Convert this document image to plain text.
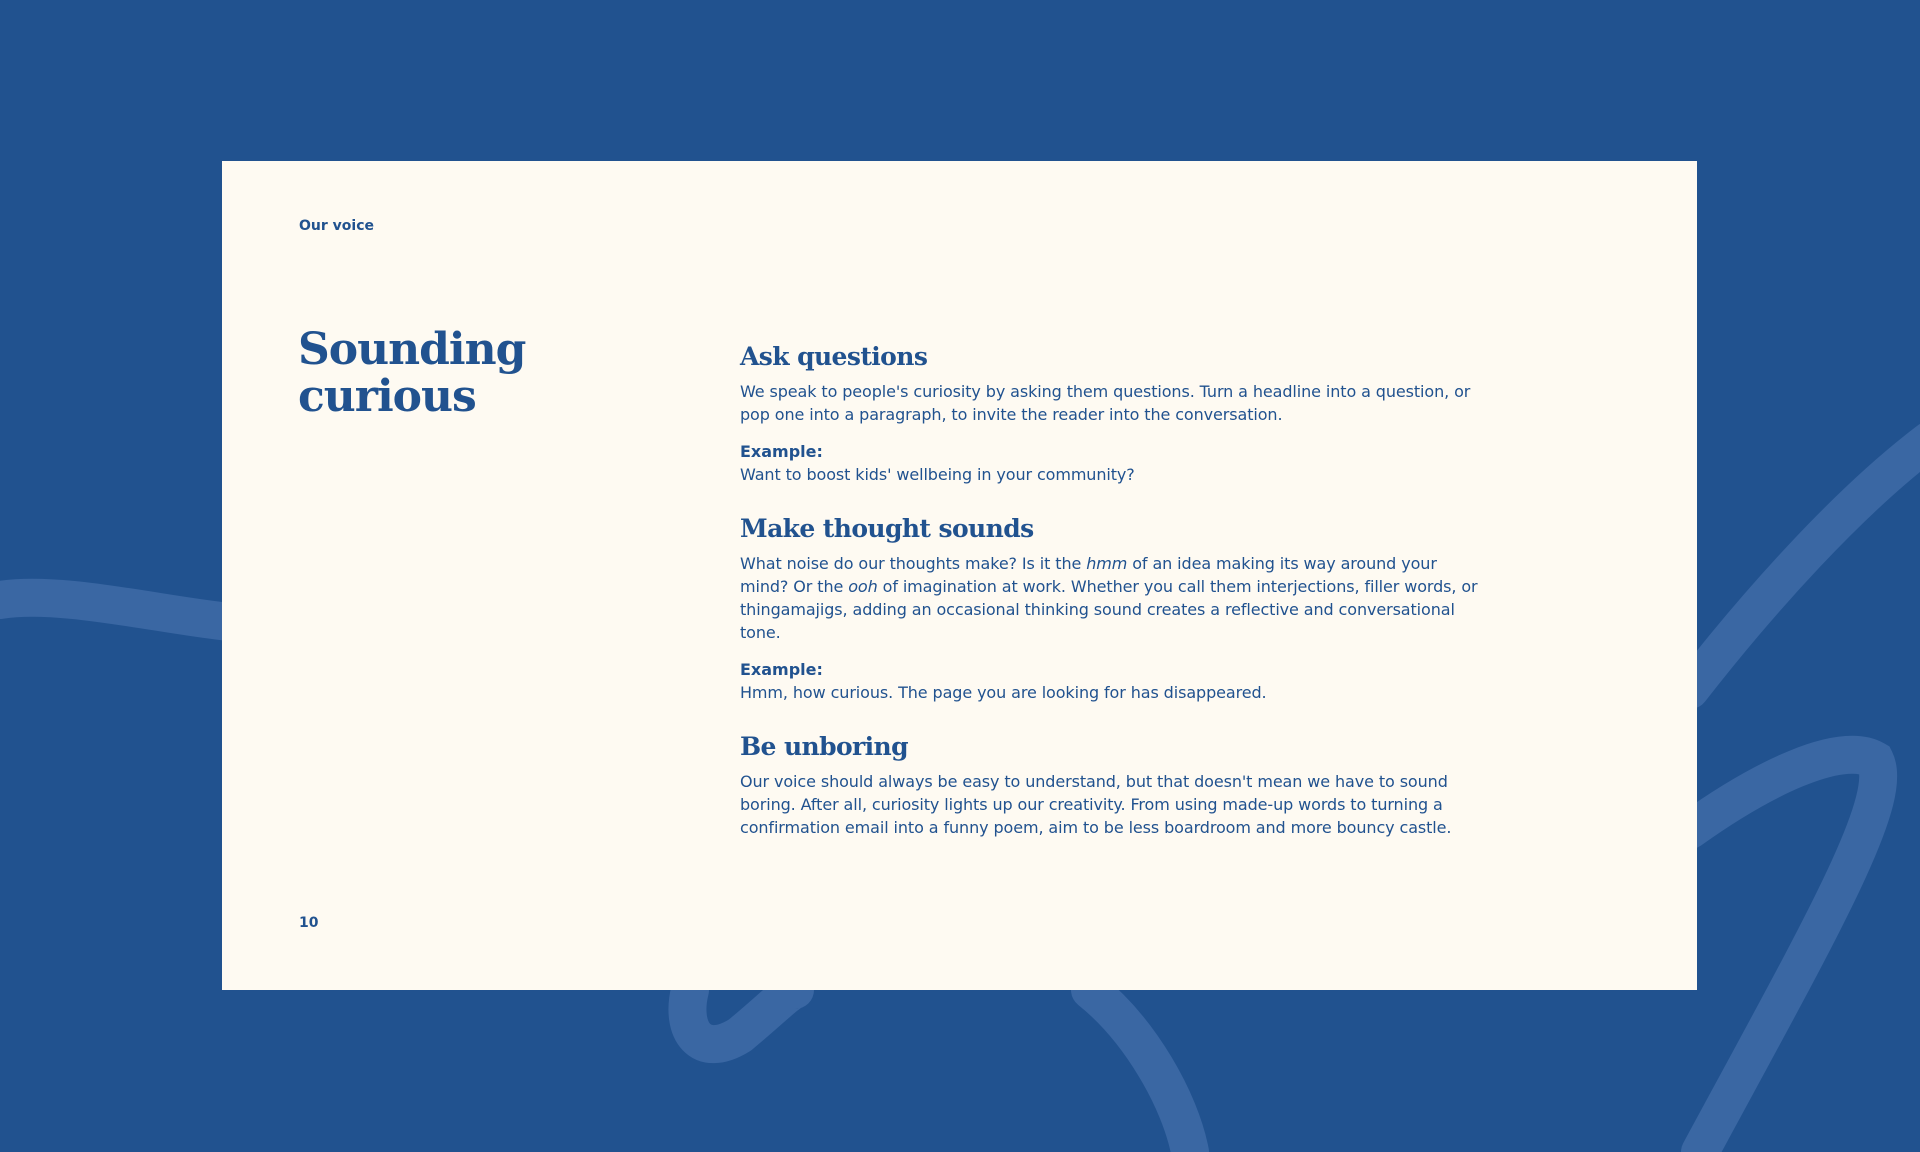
Our voice

Sounding
curious
Ask questions

We speak to people's curiosity by asking them questions. Turn a headline into a question, or pop one into a paragraph, to invite the reader into the conversation.

Example:

Want to boost kids' wellbeing in your community?

Make thought sounds

What noise do our thoughts make? Is it the hmm of an idea making its way around your mind? Or the ooh of imagination at work. Whether you call them interjections, filler words, or thingamajigs, adding an occasional thinking sound creates a reflective and conversational tone.

Example:

Hmm, how curious. The page you are looking for has disappeared.

Be unboring

Our voice should always be easy to understand, but that doesn't mean we have to sound boring. After all, curiosity lights up our creativity. From using made-up words to turning a confirmation email into a funny poem, aim to be less boardroom and more bouncy castle.

10
